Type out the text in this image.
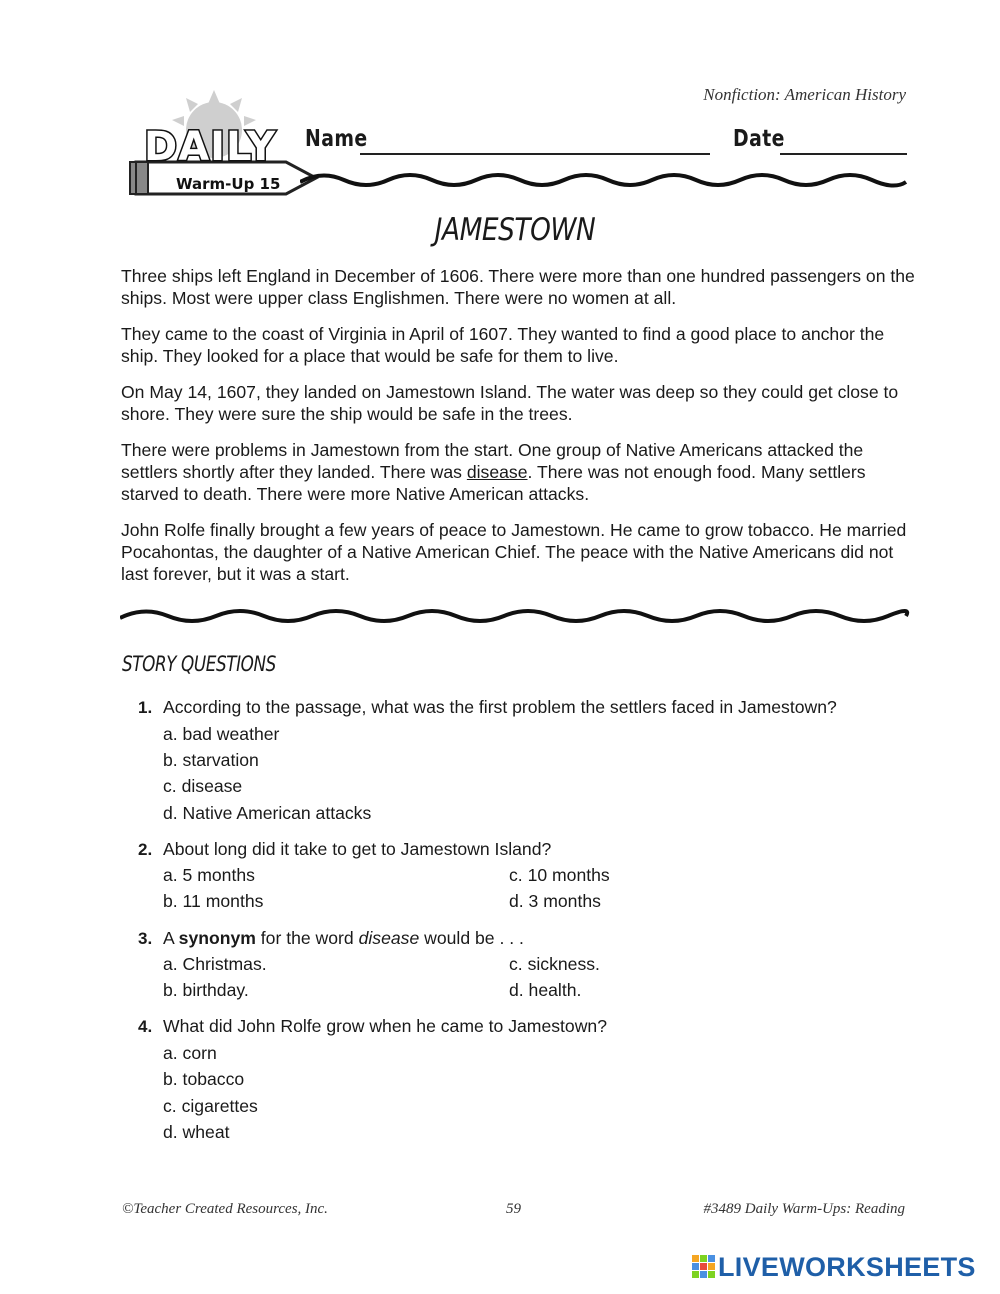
Nonfiction: American History
DAILY
Warm-Up 15
Name	Date
JAMESTOWN

Three ships left England in December of 1606. There were more than one hundred passengers on the ships. Most were upper class Englishmen. There were no women at all.

They came to the coast of Virginia in April of 1607. They wanted to find a good place to anchor the ship. They looked for a place that would be safe for them to live.

On May 14, 1607, they landed on Jamestown Island. The water was deep so they could get close to shore. They were sure the ship would be safe in the trees.

There were problems in Jamestown from the start. One group of Native Americans attacked the settlers shortly after they landed. There was disease. There was not enough food. Many settlers starved to death. There were more Native American attacks.

John Rolfe finally brought a few years of peace to Jamestown. He came to grow tobacco. He married Pocahontas, the daughter of a Native American Chief. The peace with the Native Americans did not last forever, but it was a start.

STORY QUESTIONS
1. According to the passage, what was the first problem the settlers faced in Jamestown?
a. bad weather
b. starvation
c. disease
d. Native American attacks
2. About long did it take to get to Jamestown Island?
a. 5 months
b. 11 months
c. 10 months
d. 3 months
3. A synonym for the word disease would be . . .
a. Christmas.
b. birthday.
c. sickness.
d. health.
4. What did John Rolfe grow when he came to Jamestown?
a. corn
b. tobacco
c. cigarettes
d. wheat
©Teacher Created Resources, Inc.	59	#3489 Daily Warm-Ups: Reading
LIVEWORKSHEETS
